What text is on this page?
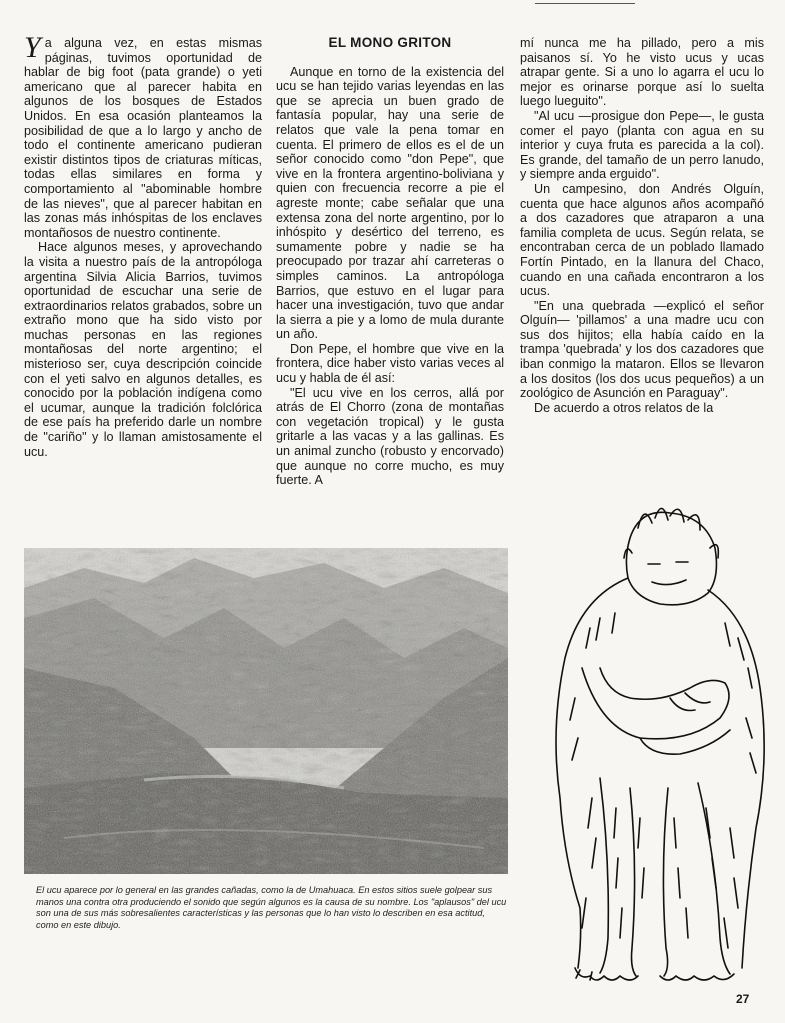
Ya alguna vez, en estas mismas páginas, tuvimos oportunidad de hablar de big foot (pata grande) o yeti americano que al parecer habita en algunos de los bosques de Estados Unidos. En esa ocasión planteamos la posibilidad de que a lo largo y ancho de todo el continente americano pudieran existir distintos tipos de criaturas míticas, todas ellas similares en forma y comportamiento al "abominable hombre de las nieves", que al parecer habitan en las zonas más inhóspitas de los enclaves montañosos de nuestro continente.

Hace algunos meses, y aprovechando la visita a nuestro país de la antropóloga argentina Silvia Alicia Barrios, tuvimos oportunidad de escuchar una serie de extraordinarios relatos grabados, sobre un extraño mono que ha sido visto por muchas personas en las regiones montañosas del norte argentino; el misterioso ser, cuya descripción coincide con el yeti salvo en algunos detalles, es conocido por la población indígena como el ucumar, aunque la tradición folclórica de ese país ha preferido darle un nombre de "cariño" y lo llaman amistosamente el ucu.

EL MONO GRITON

Aunque en torno de la existencia del ucu se han tejido varias leyendas en las que se aprecia un buen grado de fantasía popular, hay una serie de relatos que vale la pena tomar en cuenta. El primero de ellos es el de un señor conocido como "don Pepe", que vive en la frontera argentino-boliviana y quien con frecuencia recorre a pie el agreste monte; cabe señalar que una extensa zona del norte argentino, por lo inhóspito y desértico del terreno, es sumamente pobre y nadie se ha preocupado por trazar ahí carreteras o simples caminos. La antropóloga Barrios, que estuvo en el lugar para hacer una investigación, tuvo que andar la sierra a pie y a lomo de mula durante un año.

Don Pepe, el hombre que vive en la frontera, dice haber visto varias veces al ucu y habla de él así:

"El ucu vive en los cerros, allá por atrás de El Chorro (zona de montañas con vegetación tropical) y le gusta gritarle a las vacas y a las gallinas. Es un animal zuncho (robusto y encorvado) que aunque no corre mucho, es muy fuerte. A

mí nunca me ha pillado, pero a mis paisanos sí. Yo he visto ucus y ucas atrapar gente. Si a uno lo agarra el ucu lo mejor es orinarse porque así lo suelta luego lueguito".

"Al ucu —prosigue don Pepe—, le gusta comer el payo (planta con agua en su interior y cuya fruta es parecida a la col). Es grande, del tamaño de un perro lanudo, y siempre anda erguido".

Un campesino, don Andrés Olguín, cuenta que hace algunos años acompañó a dos cazadores que atraparon a una familia completa de ucus. Según relata, se encontraban cerca de un poblado llamado Fortín Pintado, en la llanura del Chaco, cuando en una cañada encontraron a los ucus.

"En una quebrada —explicó el señor Olguín— 'pillamos' a una madre ucu con sus dos hijitos; ella había caído en la trampa 'quebrada' y los dos cazadores que iban conmigo la mataron. Ellos se llevaron a los dositos (los dos ucus pequeños) a un zoológico de Asunción en Paraguay".

De acuerdo a otros relatos de la

El ucu aparece por lo general en las grandes cañadas, como la de Umahuaca. En estos sitios suele golpear sus manos una contra otra produciendo el sonido que según algunos es la causa de su nombre. Los "aplausos" del ucu son una de sus más sobresalientes características y las personas que lo han visto lo describen en esa actitud, como en este dibujo.
27
